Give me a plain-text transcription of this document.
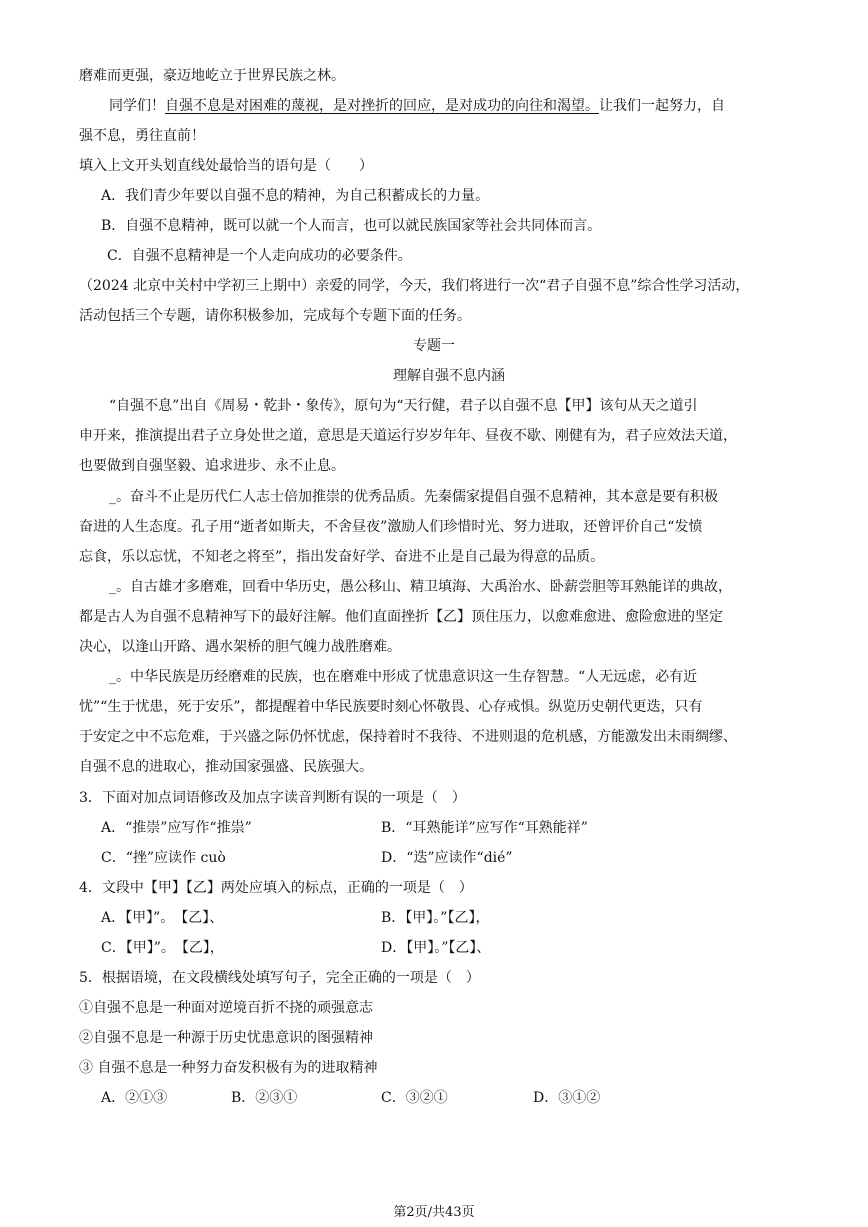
磨难而更强，豪迈地屹立于世界民族之林。
同学们！自强不息是对困难的蔑视，是对挫折的回应，是对成功的向往和渴望。让我们一起努力，自
强不息，勇往直前！
填入上文开头划直线处最恰当的语句是（　　）
A．我们青少年要以自强不息的精神，为自己积蓄成长的力量。
B．自强不息精神，既可以就一个人而言，也可以就民族国家等社会共同体而言。
C．自强不息精神是一个人走向成功的必要条件。
（2024 北京中关村中学初三上期中）亲爱的同学，今天，我们将进行一次“君子自强不息”综合性学习活动，
活动包括三个专题，请你积极参加，完成每个专题下面的任务。
专题一
理解自强不息内涵
“自强不息”出自《周易・乾卦・象传》，原句为“天行健，君子以自强不息【甲】该句从天之道引
申开来，推演提出君子立身处世之道，意思是天道运行岁岁年年、昼夜不歇、刚健有为，君子应效法天道，
也要做到自强坚毅、追求进步、永不止息。
_。奋斗不止是历代仁人志士倍加推崇的优秀品质。先秦儒家提倡自强不息精神，其本意是要有积极
奋进的人生态度。孔子用“逝者如斯夫，不舍昼夜”激励人们珍惜时光、努力进取，还曾评价自己“发愤
忘食，乐以忘忧，不知老之将至”，指出发奋好学、奋进不止是自己最为得意的品质。
_。自古雄才多磨难，回看中华历史，愚公移山、精卫填海、大禹治水、卧薪尝胆等耳熟能详的典故，
都是古人为自强不息精神写下的最好注解。他们直面挫折【乙】顶住压力，以愈难愈进、愈险愈进的坚定
决心，以逢山开路、遇水架桥的胆气魄力战胜磨难。
_。中华民族是历经磨难的民族，也在磨难中形成了忧患意识这一生存智慧。“人无远虑，必有近
忧”“生于忧患，死于安乐”，都提醒着中华民族要时刻心怀敬畏、心存戒惧。纵览历史朝代更迭，只有
于安定之中不忘危难，于兴盛之际仍怀忧虑，保持着时不我待、不进则退的危机感，方能激发出未雨绸缪、
自强不息的进取心，推动国家强盛、民族强大。
3．下面对加点词语修改及加点字读音判断有误的一项是（　）
A．“推崇”应写作“推祟”	B．“耳熟能详”应写作“耳熟能祥”
C．“挫”应读作 cuò	D．“迭”应读作“dié”
4．文段中【甲】【乙】两处应填入的标点，正确的一项是（　）
A．【甲】”。　【乙】、	B．【甲】。”【乙】，
C．【甲】”。　【乙】，	D．【甲】。”【乙】、
5．根据语境，在文段横线处填写句子，完全正确的一项是（　）
①自强不息是一种面对逆境百折不挠的顽强意志
②自强不息是一种源于历史忧患意识的图强精神
③ 自强不息是一种努力奋发积极有为的进取精神
A．②①③	B．②③①	C．③②①	D．③①②
第2页/共43页
